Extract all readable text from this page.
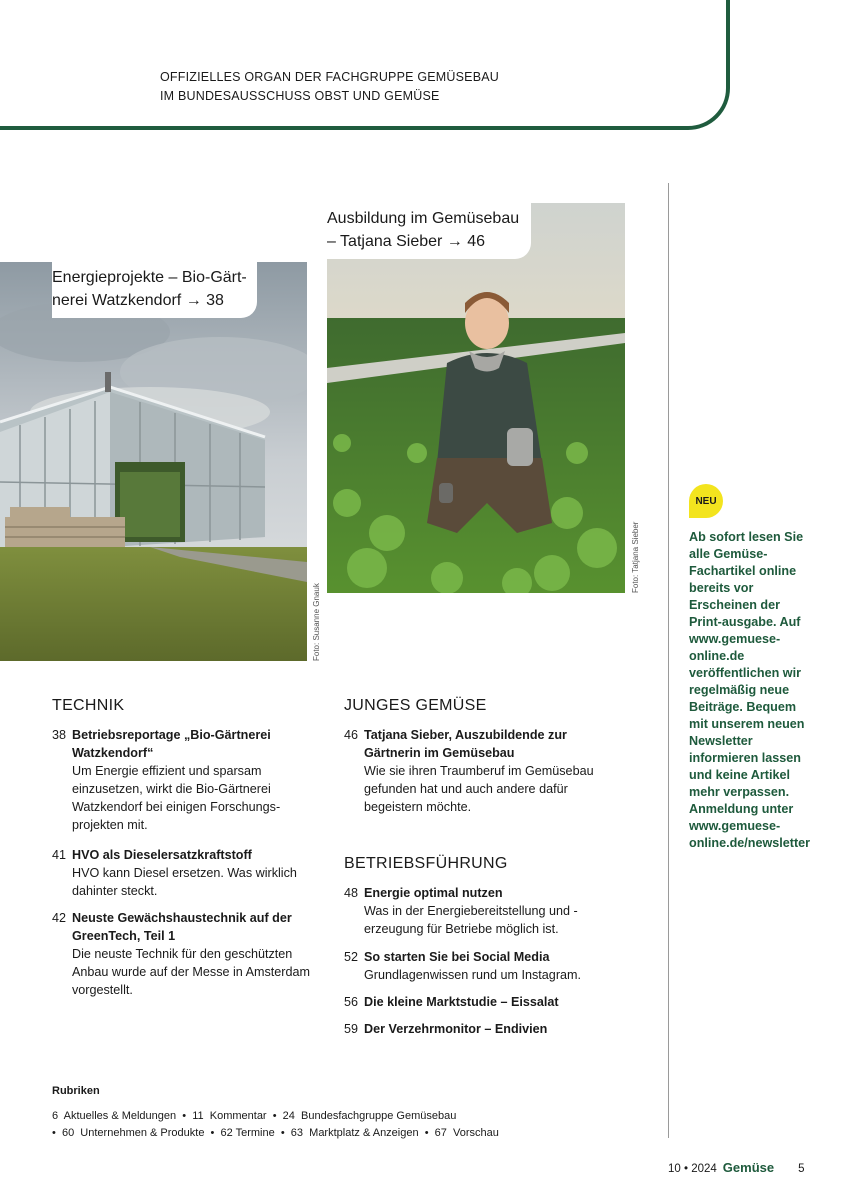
OFFIZIELLES ORGAN DER FACHGRUPPE GEMÜSEBAU
IM BUNDESAUSSCHUSS OBST UND GEMÜSE
Energieprojekte – Bio-Gärt-
nerei Watzkendorf → 38
Foto: Susanne Gnauk
Ausbildung im Gemüsebau
– Tatjana Sieber → 46
Foto: Tatjana Sieber
TECHNIK
38 Betriebsreportage „Bio-Gärtnerei Watzkendorf“
Um Energie effizient und sparsam einzusetzen, wirkt die Bio-Gärtnerei Watzkendorf bei einigen Forschungs-projekten mit.
41 HVO als Dieselersatzkraftstoff
HVO kann Diesel ersetzen. Was wirklich dahinter steckt.
42 Neuste Gewächshaustechnik auf der GreenTech, Teil 1
Die neuste Technik für den geschützten Anbau wurde auf der Messe in Amsterdam vorgestellt.
JUNGES GEMÜSE
46 Tatjana Sieber, Auszubildende zur Gärtnerin im Gemüsebau
Wie sie ihren Traumberuf im Gemüsebau gefunden hat und auch andere dafür begeistern möchte.
BETRIEBSFÜHRUNG
48 Energie optimal nutzen
Was in der Energiebereitstellung und -erzeugung für Betriebe möglich ist.
52 So starten Sie bei Social Media
Grundlagenwissen rund um Instagram.
56 Die kleine Marktstudie – Eissalat
59 Der Verzehrmonitor – Endivien
NEU
Ab sofort lesen Sie alle Gemüse-Fachartikel online bereits vor Erscheinen der Print-ausgabe. Auf www.gemuese-online.de veröffentlichen wir regelmäßig neue Beiträge. Bequem mit unserem neuen Newsletter informieren lassen und keine Artikel mehr verpassen. Anmeldung unter www.gemuese-online.de/newsletter
Rubriken
6  Aktuelles & Meldungen  •  11  Kommentar  •  24  Bundesfachgruppe Gemüsebau
•  60  Unternehmen & Produkte  •  62 Termine  •  63  Marktplatz & Anzeigen  •  67  Vorschau
10 • 2024 Gemüse 5
